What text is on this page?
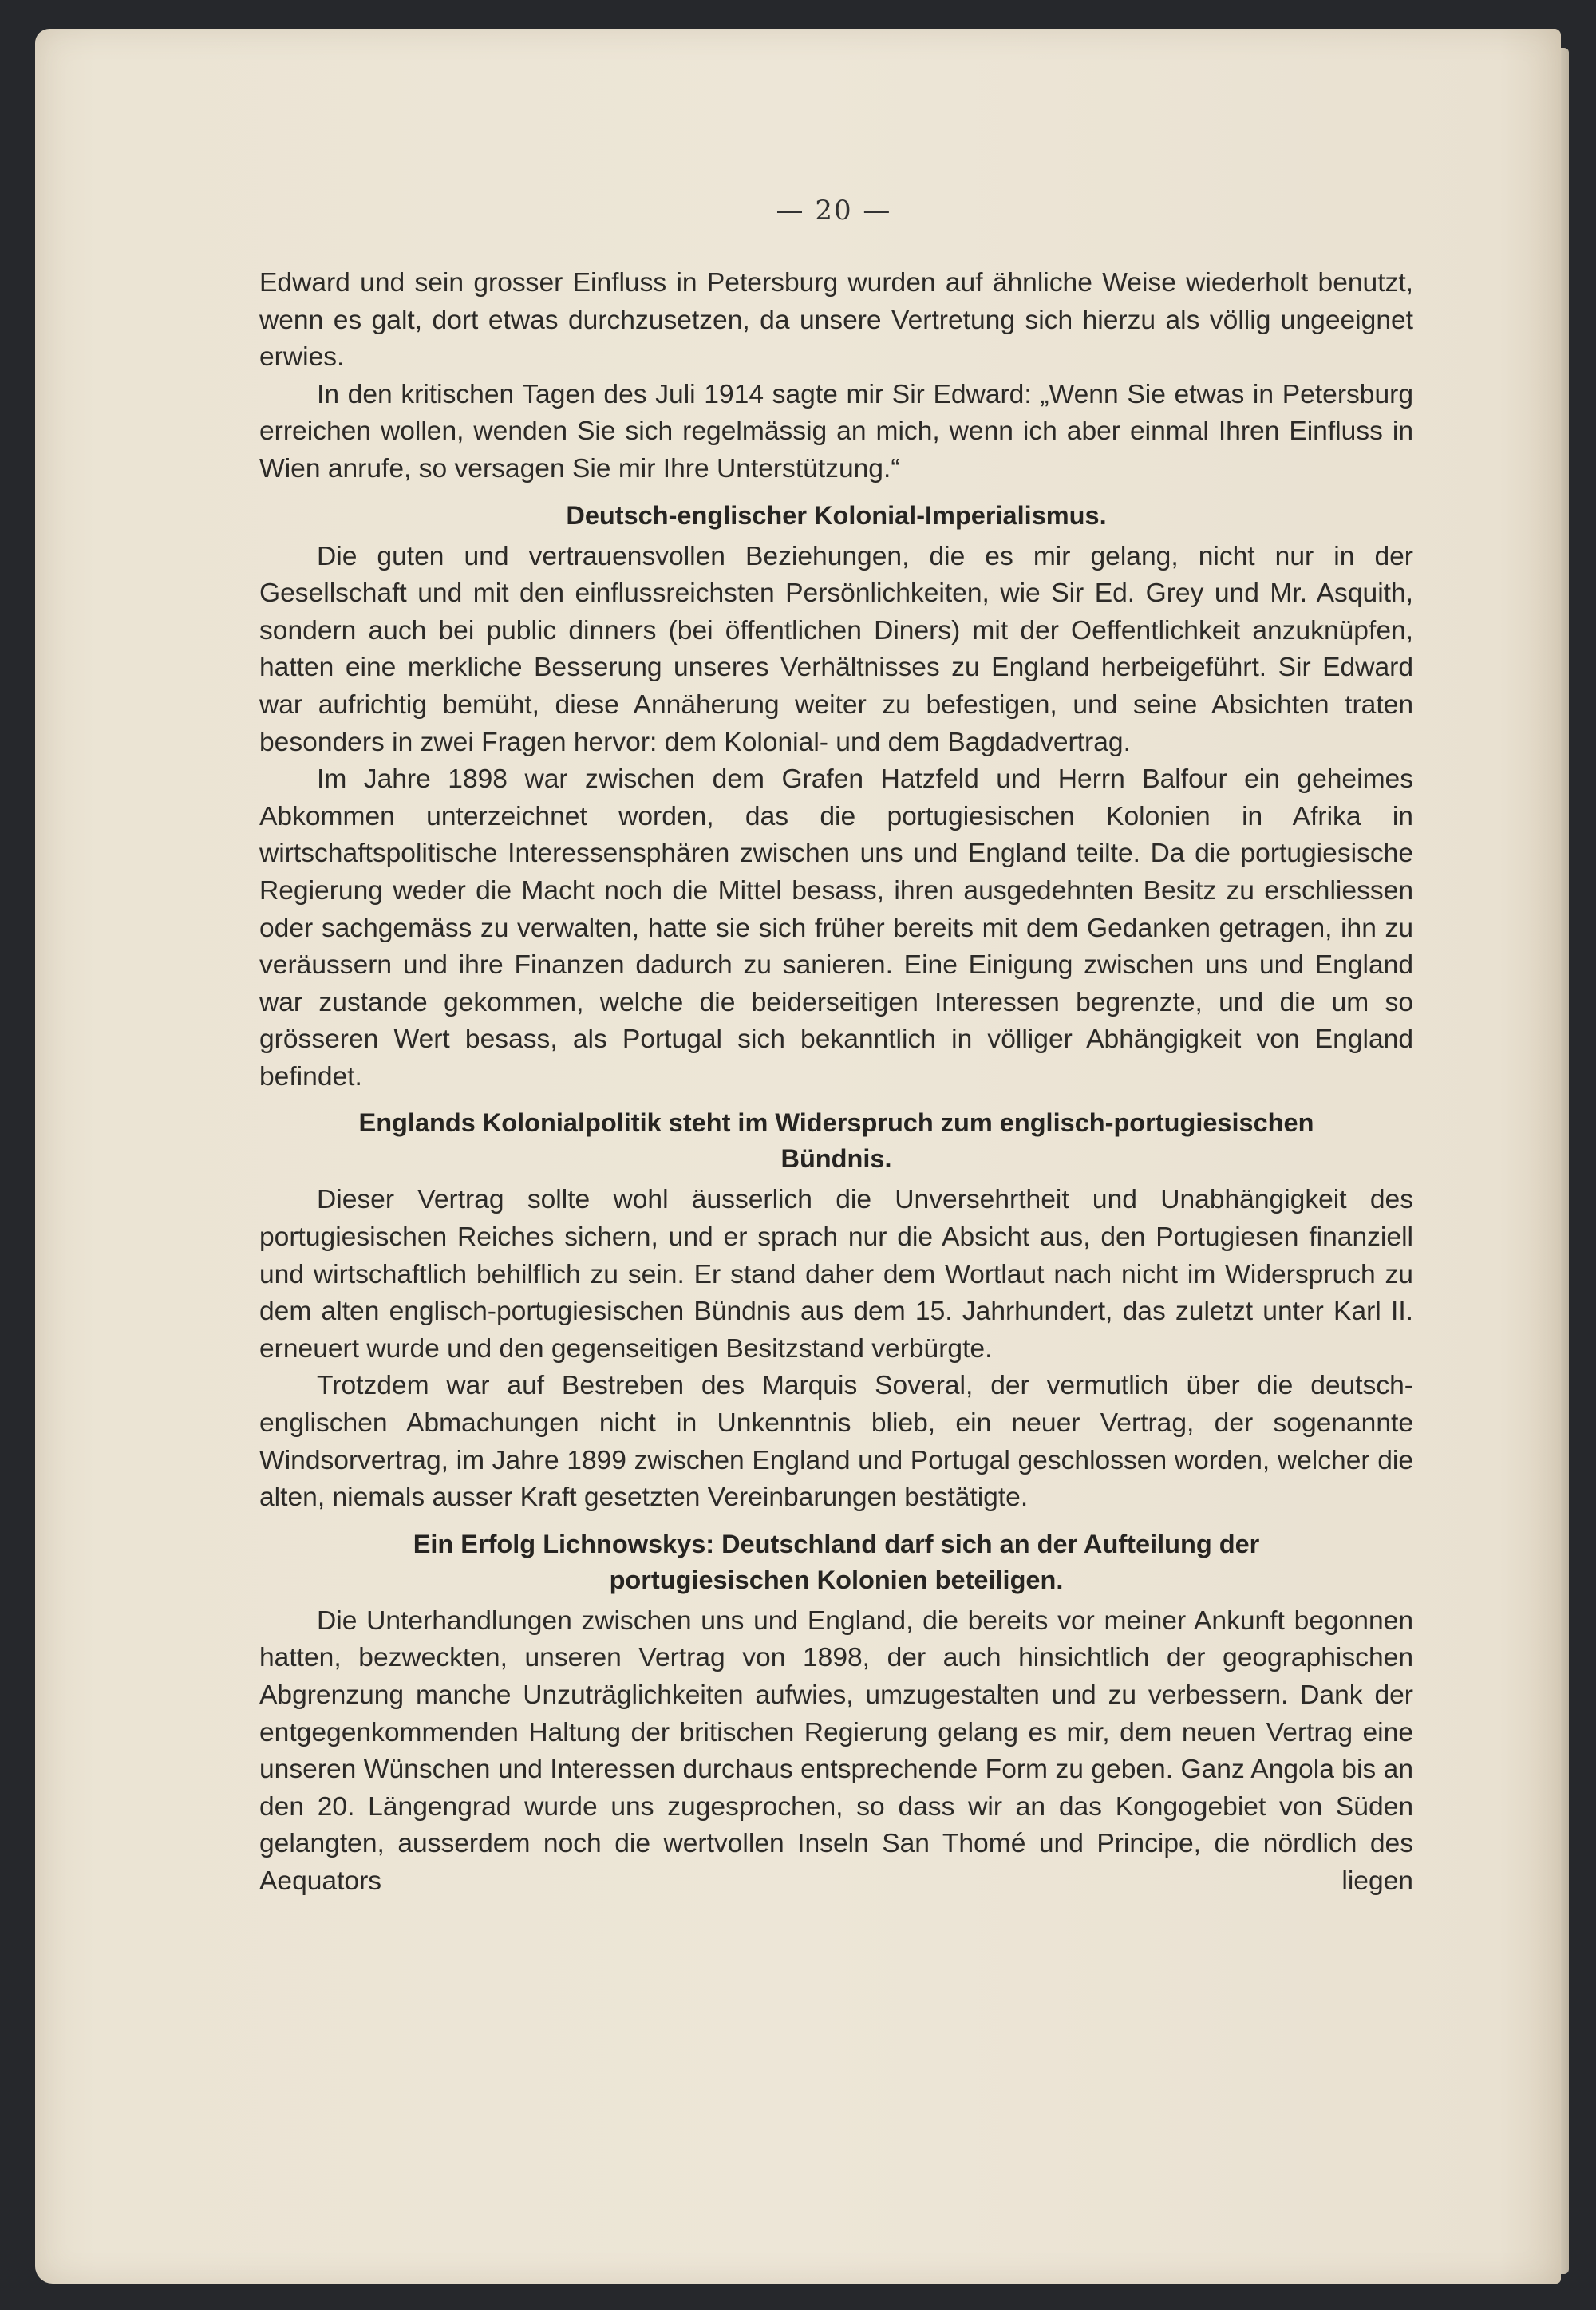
— 20 —

Edward und sein grosser Einfluss in Petersburg wurden auf ähnliche Weise wiederholt benutzt, wenn es galt, dort etwas durchzusetzen, da unsere Vertretung sich hierzu als völlig ungeeignet erwies.

In den kritischen Tagen des Juli 1914 sagte mir Sir Edward: „Wenn Sie etwas in Petersburg erreichen wollen, wenden Sie sich regelmässig an mich, wenn ich aber einmal Ihren Einfluss in Wien anrufe, so versagen Sie mir Ihre Unterstützung.“

Deutsch-englischer Kolonial-Imperialismus.

Die guten und vertrauensvollen Beziehungen, die es mir gelang, nicht nur in der Gesellschaft und mit den einflussreichsten Persönlichkeiten, wie Sir Ed. Grey und Mr. Asquith, sondern auch bei public dinners (bei öffentlichen Diners) mit der Oeffentlichkeit anzuknüpfen, hatten eine merkliche Besserung unseres Verhältnisses zu England herbeigeführt. Sir Edward war aufrichtig bemüht, diese Annäherung weiter zu befestigen, und seine Absichten traten besonders in zwei Fragen hervor: dem Kolonial- und dem Bagdadvertrag.

Im Jahre 1898 war zwischen dem Grafen Hatzfeld und Herrn Balfour ein geheimes Abkommen unterzeichnet worden, das die portugiesischen Kolonien in Afrika in wirtschaftspolitische Interessensphären zwischen uns und England teilte. Da die portugiesische Regierung weder die Macht noch die Mittel besass, ihren ausgedehnten Besitz zu erschliessen oder sachgemäss zu verwalten, hatte sie sich früher bereits mit dem Gedanken getragen, ihn zu veräussern und ihre Finanzen dadurch zu sanieren. Eine Einigung zwischen uns und England war zustande gekommen, welche die beiderseitigen Interessen begrenzte, und die um so grösseren Wert besass, als Portugal sich bekanntlich in völliger Abhängigkeit von England befindet.

Englands Kolonialpolitik steht im Widerspruch zum englisch-portugiesischen
Bündnis.

Dieser Vertrag sollte wohl äusserlich die Unversehrtheit und Unabhängigkeit des portugiesischen Reiches sichern, und er sprach nur die Absicht aus, den Portugiesen finanziell und wirtschaftlich behilflich zu sein. Er stand daher dem Wortlaut nach nicht im Widerspruch zu dem alten englisch-portugiesischen Bündnis aus dem 15. Jahrhundert, das zuletzt unter Karl II. erneuert wurde und den gegenseitigen Besitzstand verbürgte.

Trotzdem war auf Bestreben des Marquis Soveral, der vermutlich über die deutsch-englischen Abmachungen nicht in Unkenntnis blieb, ein neuer Vertrag, der sogenannte Windsorvertrag, im Jahre 1899 zwischen England und Portugal geschlossen worden, welcher die alten, niemals ausser Kraft gesetzten Vereinbarungen bestätigte.

Ein Erfolg Lichnowskys: Deutschland darf sich an der Aufteilung der
portugiesischen Kolonien beteiligen.

Die Unterhandlungen zwischen uns und England, die bereits vor meiner Ankunft begonnen hatten, bezweckten, unseren Vertrag von 1898, der auch hinsichtlich der geographischen Abgrenzung manche Unzuträglichkeiten aufwies, umzugestalten und zu verbessern. Dank der entgegenkommenden Haltung der britischen Regierung gelang es mir, dem neuen Vertrag eine unseren Wünschen und Interessen durchaus entsprechende Form zu geben. Ganz Angola bis an den 20. Längengrad wurde uns zugesprochen, so dass wir an das Kongogebiet von Süden gelangten, ausserdem noch die wertvollen Inseln San Thomé und Principe, die nördlich des Aequators liegen
